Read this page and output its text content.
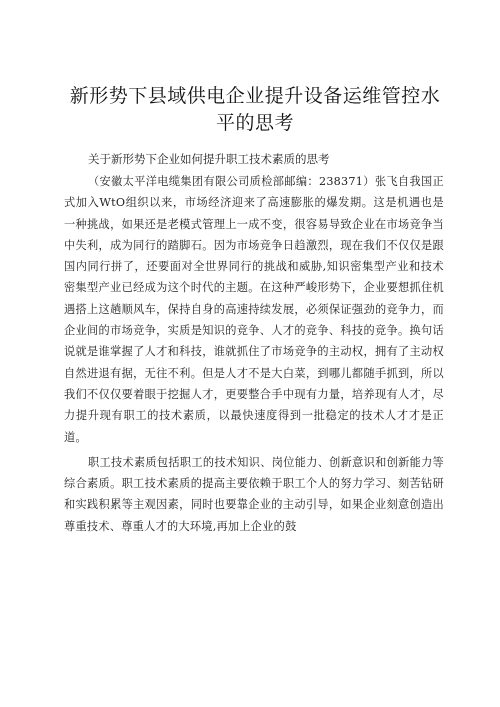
新形势下县域供电企业提升设备运维管控水平的思考

关于新形势下企业如何提升职工技术素质的思考

（安徽太平洋电缆集团有限公司质检部邮编：238371）张飞自我国正式加入WtO组织以来，市场经济迎来了高速膨胀的爆发期。这是机遇也是一种挑战，如果还是老模式管理上一成不变，很容易导致企业在市场竞争当中失利，成为同行的踏脚石。因为市场竞争日趋激烈，现在我们不仅仅是跟国内同行拼了，还要面对全世界同行的挑战和威胁,知识密集型产业和技术密集型产业已经成为这个时代的主题。在这种严峻形势下，企业要想抓住机遇搭上这趟顺风车，保持自身的高速持续发展，必须保证强劲的竞争力，而企业间的市场竞争，实质是知识的竞争、人才的竞争、科技的竞争。换句话说就是谁掌握了人才和科技，谁就抓住了市场竞争的主动权，拥有了主动权自然进退有据，无往不利。但是人才不是大白菜，到哪儿都随手抓到，所以我们不仅仅要着眼于挖掘人才，更要整合手中现有力量，培养现有人才，尽力提升现有职工的技术素质，以最快速度得到一批稳定的技术人才才是正道。

职工技术素质包括职工的技术知识、岗位能力、创新意识和创新能力等综合素质。职工技术素质的提高主要依赖于职工个人的努力学习、刻苦钻研和实践积累等主观因素，同时也要靠企业的主动引导，如果企业刻意创造出尊重技术、尊重人才的大环境,再加上企业的鼓
